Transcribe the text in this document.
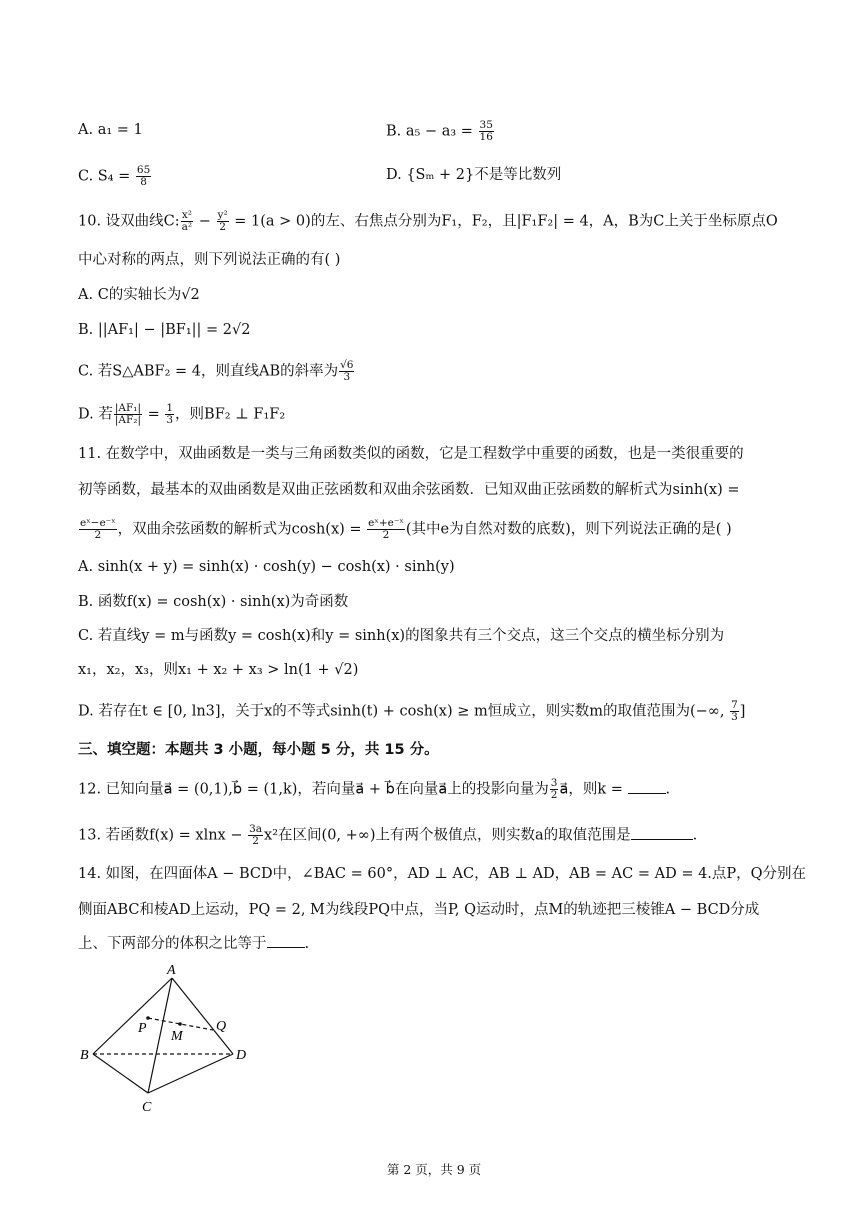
A. a₁ = 1	B. $a_5 - a_3 = \frac{35}{16}$
C. $S_4 = \frac{65}{8}$	D. {Sₘ + 2}不是等比数列
10. 设双曲线C: $\frac{\text{x²}}{\text{a²}} - \frac{\text{y²}}{2} = 1(a > 0)$的左、右焦点分别为F₁，F₂，且|F₁F₂| = 4，A，B为C上关于坐标原点O
中心对称的两点，则下列说法正确的有( )
A. C的实轴长为√2
B. ||AF₁| − |BF₁|| = 2√2
C. 若S△ABF₂ = 4，则直线AB的斜率为 $\frac{√6}{3}$
D. 若 $\frac{\text{|AF₁|}}{\text{|AF₂|}} = \frac{1}{3}$ ，则BF₂ ⊥ F₁F₂
11. 在数学中，双曲函数是一类与三角函数类似的函数，它是工程数学中重要的函数，也是一类很重要的
初等函数，最基本的双曲函数是双曲正弦函数和双曲余弦函数．已知双曲正弦函数的解析式为sinh(x) =
$\frac{\text{eˣ−e⁻ˣ}}{2}$ ，双曲余弦函数的解析式为$\cosh(x) = \frac{\text{eˣ+e⁻ˣ}}{2}$ (其中e为自然对数的底数)，则下列说法正确的是( )
A. sinh(x + y) = sinh(x) · cosh(y) − cosh(x) · sinh(y)
B. 函数f(x) = cosh(x) · sinh(x)为奇函数
C. 若直线y = m与函数y = cosh(x)和y = sinh(x)的图象共有三个交点，这三个交点的横坐标分别为
x₁，x₂，x₃，则x₁ + x₂ + x₃ > ln(1 + √2)
D. 若存在t ∈ [0, ln3]，关于x的不等式sinh(t) + cosh(x) ≥ m恒成立，则实数m的取值范围为(−∞, $\frac{7}{3}$ ]
三、填空题：本题共 3 小题，每小题 5 分，共 15 分。
12. 已知向量a⃗ = (0,1),b⃗ = (1,k)，若向量a⃗ + b⃗在向量a⃗上的投影向量为 $\frac{3}{2}$ a⃗，则k =	.
13. 若函数$f(x) = xlnx - \frac{3a}{2} x^2$在区间(0, +∞)上有两个极值点，则实数a的取值范围是	.
14. 如图，在四面体A − BCD中，∠BAC = 60°，AD ⊥ AC，AB ⊥ AD，AB = AC = AD = 4.点P，Q分别在
侧面ABC和棱AD上运动，PQ = 2, M为线段PQ中点，当P, Q运动时，点M的轨迹把三棱锥A − BCD分成
上、下两部分的体积之比等于	.
A
B
C
D
P	Q
M
第 2 页，共 9 页
